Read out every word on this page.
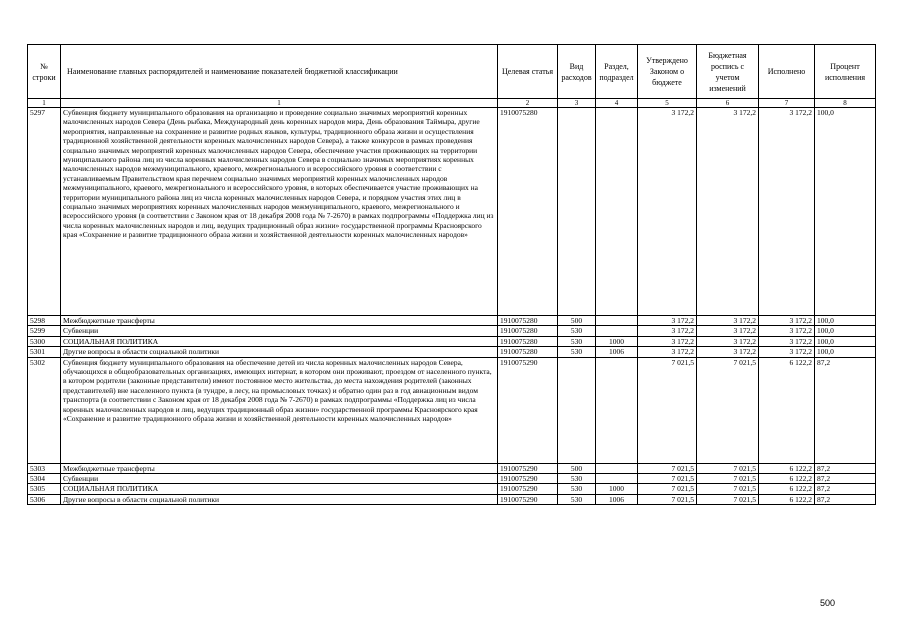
№ строки	Наименование главных распорядителей и наименование показателей бюджетной классификации	Целевая статья	Вид расходов	Раздел, подраздел	Утверждено Законом о бюджете	Бюджетная роспись с учетом изменений	Исполнено	Процент исполнения
1	1	2	3	4	5	6	7	8
5297	Субвенция бюджету муниципального образования на организацию и проведение социально значимых мероприятий коренных малочисленных народов Севера (День рыбака, Международный день коренных народов мира, День образования Таймыра, другие мероприятия, направленные на сохранение и развитие родных языков, культуры, традиционного образа жизни и осуществления традиционной хозяйственной деятельности коренных малочисленных народов Севера), а также конкурсов в рамках проведения социально значимых мероприятий коренных малочисленных народов Севера, обеспечение участия проживающих на территории муниципального района лиц из числа коренных малочисленных народов Севера в социально значимых мероприятиях коренных малочисленных народов межмуниципального, краевого, межрегионального и всероссийского уровня в соответствии с устанавливаемым Правительством края перечнем социально значимых мероприятий коренных малочисленных народов межмуниципального, краевого, межрегионального и всероссийского уровня, в которых обеспечивается участие проживающих на территории муниципального района лиц из числа коренных малочисленных народов Севера, и порядком участия этих лиц в социально значимых мероприятиях коренных малочисленных народов межмуниципального, краевого, межрегионального и всероссийского уровня (в соответствии с Законом края от 18 декабря 2008 года № 7-2670) в рамках подпрограммы «Поддержка лиц из числа коренных малочисленных народов и лиц, ведущих традиционный образ жизни» государственной программы Красноярского края «Сохранение и развитие традиционного образа жизни и хозяйственной деятельности коренных малочисленных народов»	1910075280			3 172,2	3 172,2	3 172,2	100,0
5298	Межбюджетные трансферты	1910075280	500		3 172,2	3 172,2	3 172,2	100,0
5299	Субвенции	1910075280	530		3 172,2	3 172,2	3 172,2	100,0
5300	СОЦИАЛЬНАЯ ПОЛИТИКА	1910075280	530	1000	3 172,2	3 172,2	3 172,2	100,0
5301	Другие вопросы в области социальной политики	1910075280	530	1006	3 172,2	3 172,2	3 172,2	100,0
5302	Субвенция бюджету муниципального образования на обеспечение детей из числа коренных малочисленных народов Севера, обучающихся в общеобразовательных организациях, имеющих интернат, в котором они проживают, проездом от населенного пункта, в котором родители (законные представители) имеют постоянное место жительства, до места нахождения родителей (законных представителей) вне населенного пункта (в тундре, в лесу, на промысловых точках) и обратно один раз в год авиационным видом транспорта (в соответствии с Законом края от 18 декабря 2008 года № 7-2670) в рамках подпрограммы «Поддержка лиц из числа коренных малочисленных народов и лиц, ведущих традиционный образ жизни» государственной программы Красноярского края «Сохранение и развитие традиционного образа жизни и хозяйственной деятельности коренных малочисленных народов»	1910075290			7 021,5	7 021,5	6 122,2	87,2
5303	Межбюджетные трансферты	1910075290	500		7 021,5	7 021,5	6 122,2	87,2
5304	Субвенции	1910075290	530		7 021,5	7 021,5	6 122,2	87,2
5305	СОЦИАЛЬНАЯ ПОЛИТИКА	1910075290	530	1000	7 021,5	7 021,5	6 122,2	87,2
5306	Другие вопросы в области социальной политики	1910075290	530	1006	7 021,5	7 021,5	6 122,2	87,2
500
